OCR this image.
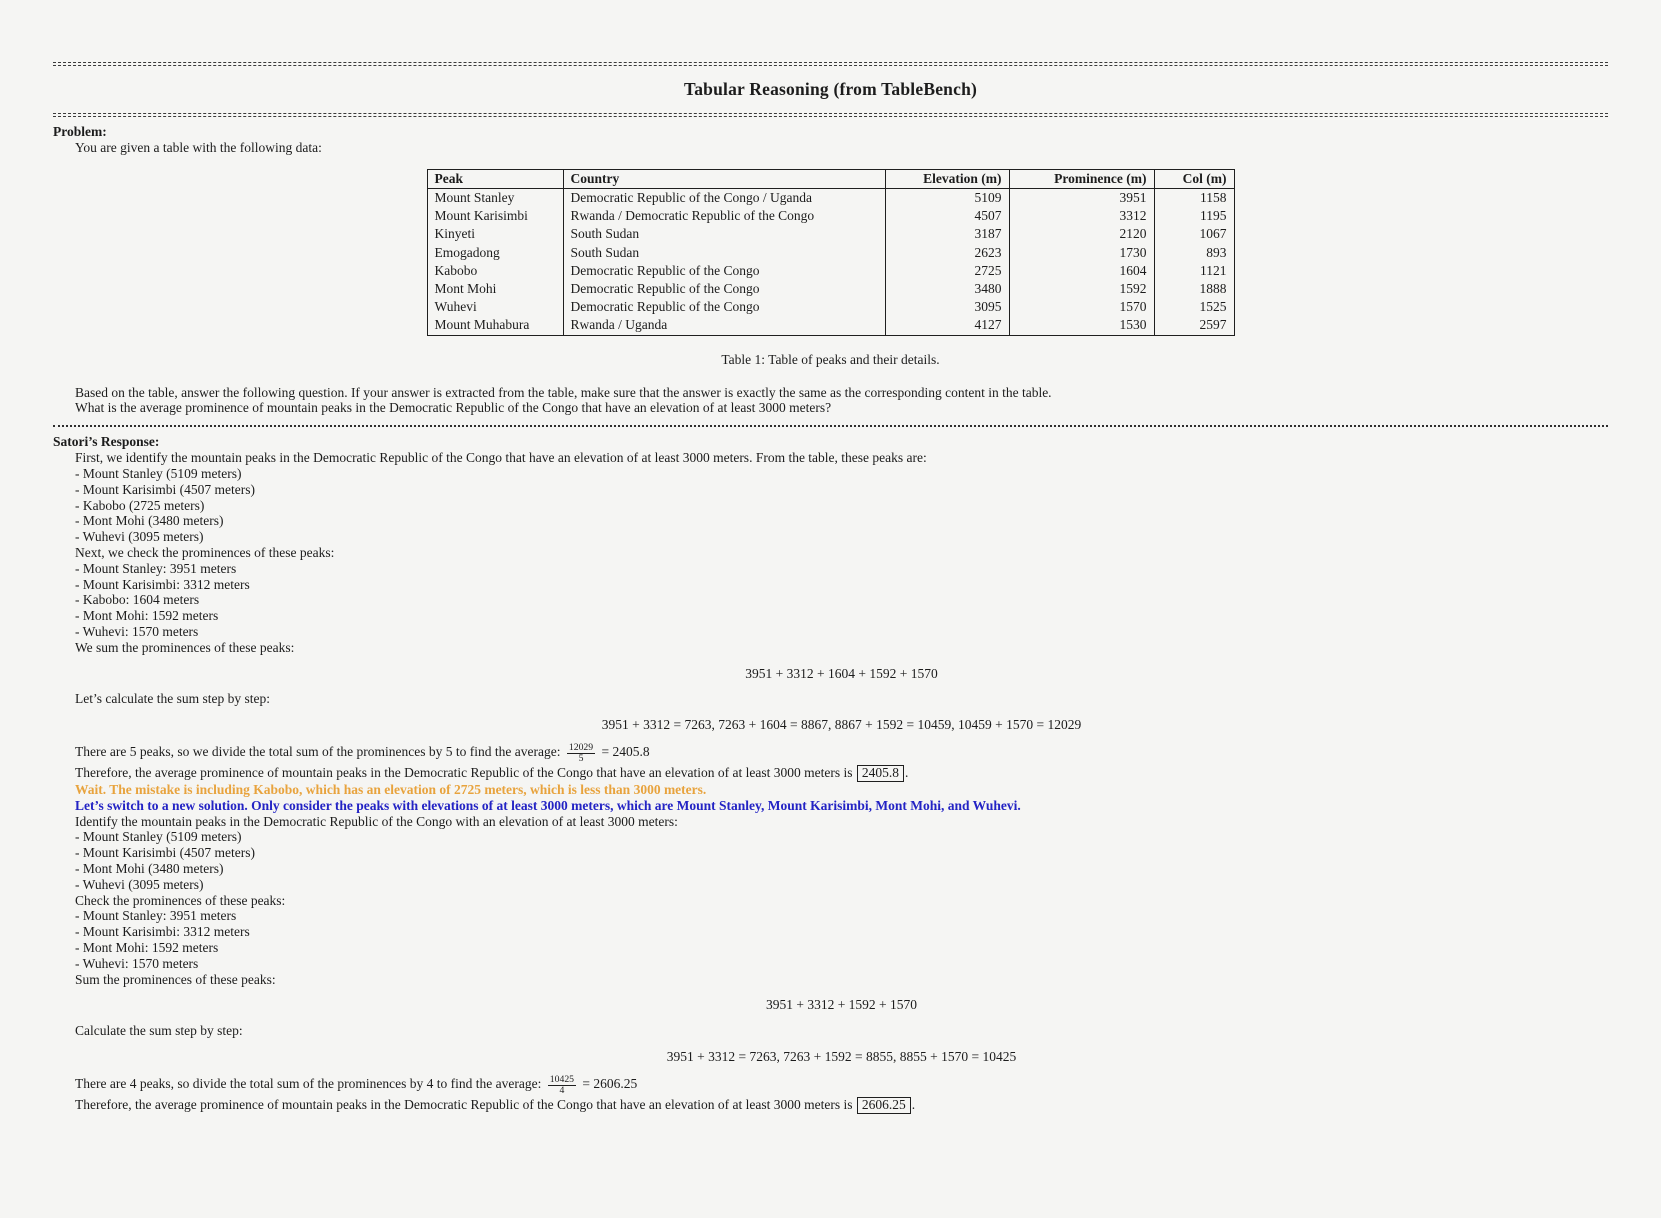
Tabular Reasoning (from TableBench)
Problem:
You are given a table with the following data:
Peak	Country	Elevation (m)	Prominence (m)	Col (m)
Mount Stanley	Democratic Republic of the Congo / Uganda	5109	3951	1158
Mount Karisimbi	Rwanda / Democratic Republic of the Congo	4507	3312	1195
Kinyeti	South Sudan	3187	2120	1067
Emogadong	South Sudan	2623	1730	893
Kabobo	Democratic Republic of the Congo	2725	1604	1121
Mont Mohi	Democratic Republic of the Congo	3480	1592	1888
Wuhevi	Democratic Republic of the Congo	3095	1570	1525
Mount Muhabura	Rwanda / Uganda	4127	1530	2597
Table 1: Table of peaks and their details.
Based on the table, answer the following question. If your answer is extracted from the table, make sure that the answer is exactly the same as the corresponding content in the table.
What is the average prominence of mountain peaks in the Democratic Republic of the Congo that have an elevation of at least 3000 meters?
Satori’s Response:
First, we identify the mountain peaks in the Democratic Republic of the Congo that have an elevation of at least 3000 meters. From the table, these peaks are:
- Mount Stanley (5109 meters)
- Mount Karisimbi (4507 meters)
- Kabobo (2725 meters)
- Mont Mohi (3480 meters)
- Wuhevi (3095 meters)
Next, we check the prominences of these peaks:
- Mount Stanley: 3951 meters
- Mount Karisimbi: 3312 meters
- Kabobo: 1604 meters
- Mont Mohi: 1592 meters
- Wuhevi: 1570 meters
We sum the prominences of these peaks:
3951 + 3312 + 1604 + 1592 + 1570
Let’s calculate the sum step by step:
3951 + 3312 = 7263, 7263 + 1604 = 8867, 8867 + 1592 = 10459, 10459 + 1570 = 12029
There are 5 peaks, so we divide the total sum of the prominences by 5 to find the average: $\frac{12029}{5} = 2405.8$
Therefore, the average prominence of mountain peaks in the Democratic Republic of the Congo that have an elevation of at least 3000 meters is 2405.8 .
Wait. The mistake is including Kabobo, which has an elevation of 2725 meters, which is less than 3000 meters.
Let’s switch to a new solution. Only consider the peaks with elevations of at least 3000 meters, which are Mount Stanley, Mount Karisimbi, Mont Mohi, and Wuhevi.
Identify the mountain peaks in the Democratic Republic of the Congo with an elevation of at least 3000 meters:
- Mount Stanley (5109 meters)
- Mount Karisimbi (4507 meters)
- Mont Mohi (3480 meters)
- Wuhevi (3095 meters)
Check the prominences of these peaks:
- Mount Stanley: 3951 meters
- Mount Karisimbi: 3312 meters
- Mont Mohi: 1592 meters
- Wuhevi: 1570 meters
Sum the prominences of these peaks:
3951 + 3312 + 1592 + 1570
Calculate the sum step by step:
3951 + 3312 = 7263, 7263 + 1592 = 8855, 8855 + 1570 = 10425
There are 4 peaks, so divide the total sum of the prominences by 4 to find the average: $\frac{10425}{4} = 2606.25$
Therefore, the average prominence of mountain peaks in the Democratic Republic of the Congo that have an elevation of at least 3000 meters is 2606.25 .
